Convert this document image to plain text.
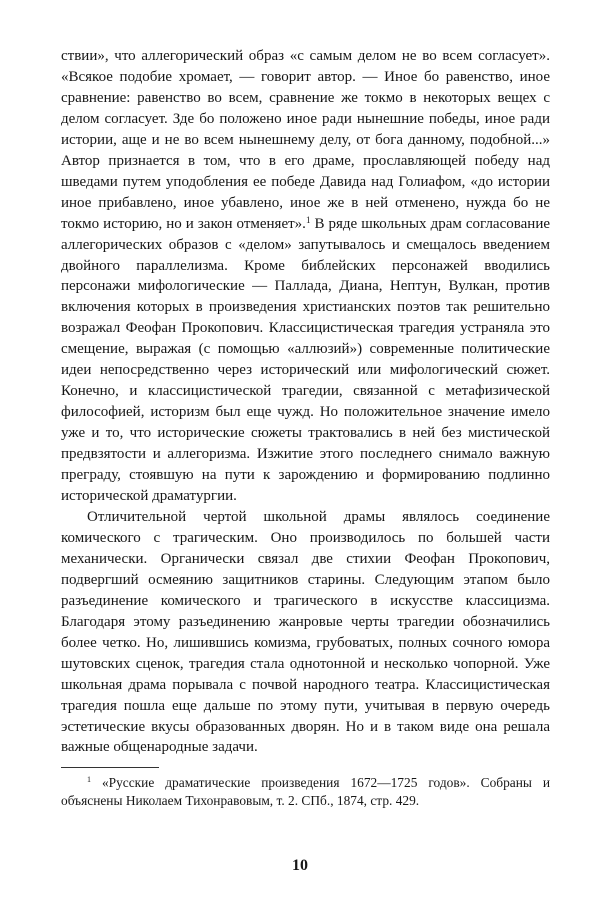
ствии», что аллегорический образ «с самым делом не во всем согласует». «Всякое подобие хромает, — говорит автор. — Иное бо равенство, иное сравнение: равенство во всем, сравнение же токмо в некоторых вещех с делом согласует. Зде бо положено иное ради нынешние победы, иное ради истории, аще и не во всем нынешнему делу, от бога данному, подобной...» Автор признается в том, что в его драме, прославляющей победу над шведами путем уподобления ее победе Давида над Голиафом, «до истории иное прибавлено, иное убавлено, иное же в ней отменено, нужда бо не токмо историю, но и закон отменяет».$^1$ В ряде школьных драм согласование аллегорических образов с «делом» запутывалось и смещалось введением двойного параллелизма. Кроме библейских персонажей вводились персонажи мифологические — Паллада, Диана, Нептун, Вулкан, против включения которых в произведения христианских поэтов так решительно возражал Феофан Прокопович. Классицистическая трагедия устраняла это смещение, выражая (с помощью «аллюзий») современные политические идеи непосредственно через исторический или мифологический сюжет. Конечно, и классицистической трагедии, связанной с метафизической философией, историзм был еще чужд. Но положительное значение имело уже и то, что исторические сюжеты трактовались в ней без мистической предвзятости и аллегоризма. Изжитие этого последнего снимало важную преграду, стоявшую на пути к зарождению и формированию подлинно исторической драматургии.

Отличительной чертой школьной драмы являлось соединение комического с трагическим. Оно производилось по большей части механически. Органически связал две стихии Феофан Прокопович, подвергший осмеянию защитников старины. Следующим этапом было разъединение комического и трагического в искусстве классицизма. Благодаря этому разъединению жанровые черты трагедии обозначились более четко. Но, лишившись комизма, грубоватых, полных сочного юмора шутовских сценок, трагедия стала однотонной и несколько чопорной. Уже школьная драма порывала с почвой народного театра. Классицистическая трагедия пошла еще дальше по этому пути, учитывая в первую очередь эстетические вкусы образованных дворян. Но и в таком виде она решала важные общенародные задачи.

$^1$ «Русские драматические произведения 1672—1725 годов». Собраны и объяснены Николаем Тихонравовым, т. 2. СПб., 1874, стр. 429.

10
